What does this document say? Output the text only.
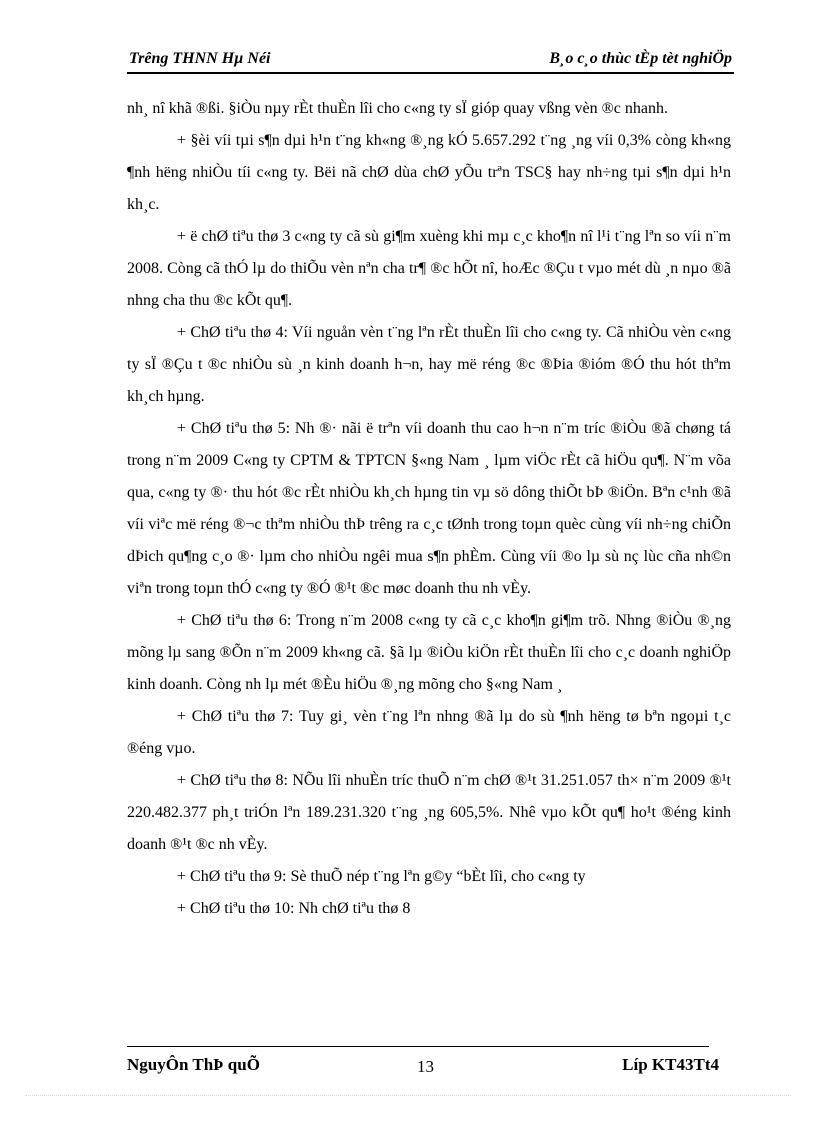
Trêng THNN Hµ Néi	B¸o c¸o thùc tÈp tèt nghiÖp

nh¸ nî khã ®ßi. §iÒu nµy rÈt thuÈn lîi cho c«ng ty sÏ gióp quay vßng vèn ®c nhanh.

+ §èi víi tµi s¶n dµi h¹n t¨ng kh«ng ®¸ng kÓ 5.657.292 t¨ng ¸ng víi 0,3% còng kh«ng ¶nh hëng nhiÒu tíi c«ng ty. Bëi nã chØ dùa chØ yÕu trªn TSC§ hay nh÷ng tµi s¶n dµi h¹n kh¸c.

+ ë chØ tiªu thø 3 c«ng ty cã sù gi¶m xuèng khi mµ c¸c kho¶n nî l¹i t¨ng lªn so víi n¨m 2008. Còng cã thÓ lµ do thiÕu vèn nªn cha tr¶ ®c hÕt nî, hoÆc ®Çu t vµo mét dù ¸n nµo ®ã nhng cha thu ®c kÕt qu¶.

+ ChØ tiªu thø 4: Víi nguån vèn t¨ng lªn rÈt thuÈn lîi cho c«ng ty. Cã nhiÒu vèn c«ng ty sÏ ®Çu t ®c nhiÒu sù ¸n kinh doanh h¬n, hay më réng ®c ®Þia ®ióm ®Ó thu hót thªm kh¸ch hµng.

+ ChØ tiªu thø 5: Nh ®· nãi ë trªn víi doanh thu cao h¬n n¨m tríc ®iÒu ®ã chøng tá trong n¨m 2009 C«ng ty CPTM & TPTCN §«ng Nam ¸ lµm viÖc rÈt cã hiÖu qu¶. N¨m võa qua, c«ng ty ®· thu hót ®c rÈt nhiÒu kh¸ch hµng tin vµ sö dông thiÕt bÞ ®iÖn. Bªn c¹nh ®ã víi viªc më réng ®¬c thªm nhiÒu thÞ trêng ra c¸c tØnh trong toµn quèc cùng víi nh÷ng chiÕn dÞich qu¶ng c¸o ®· lµm cho nhiÒu ngêi mua s¶n phÈm. Cùng víi ®o lµ sù nç lùc cña nh©n viªn trong toµn thÓ c«ng ty ®Ó ®¹t ®c møc doanh thu nh vÈy.

+ ChØ tiªu thø 6: Trong n¨m 2008 c«ng ty cã c¸c kho¶n gi¶m trõ. Nhng ®iÒu ®¸ng mõng lµ sang ®Õn n¨m 2009 kh«ng cã. §ã lµ ®iÒu kiÖn rÈt thuÈn lîi cho c¸c doanh nghiÖp kinh doanh. Còng nh lµ mét ®Èu hiÖu ®¸ng mõng cho §«ng Nam ¸

+ ChØ tiªu thø 7: Tuy gi¸ vèn t¨ng lªn nhng ®ã lµ do sù ¶nh hëng tø bªn ngoµi t¸c ®éng vµo.

+ ChØ tiªu thø 8: NÕu lîi nhuÈn tríc thuÕ n¨m chØ ®¹t 31.251.057 th× n¨m 2009 ®¹t 220.482.377 ph¸t triÓn lªn 189.231.320 t¨ng ¸ng 605,5%. Nhê vµo kÕt qu¶ ho¹t ®éng kinh doanh ®¹t ®c nh vÈy.

+ ChØ tiªu thø 9: Sè thuÕ nép t¨ng lªn g©y “bÈt lîi, cho c«ng ty

+ ChØ tiªu thø 10: Nh chØ tiªu thø 8

NguyÔn ThÞ quÕ	13	Líp KT43Tt4
